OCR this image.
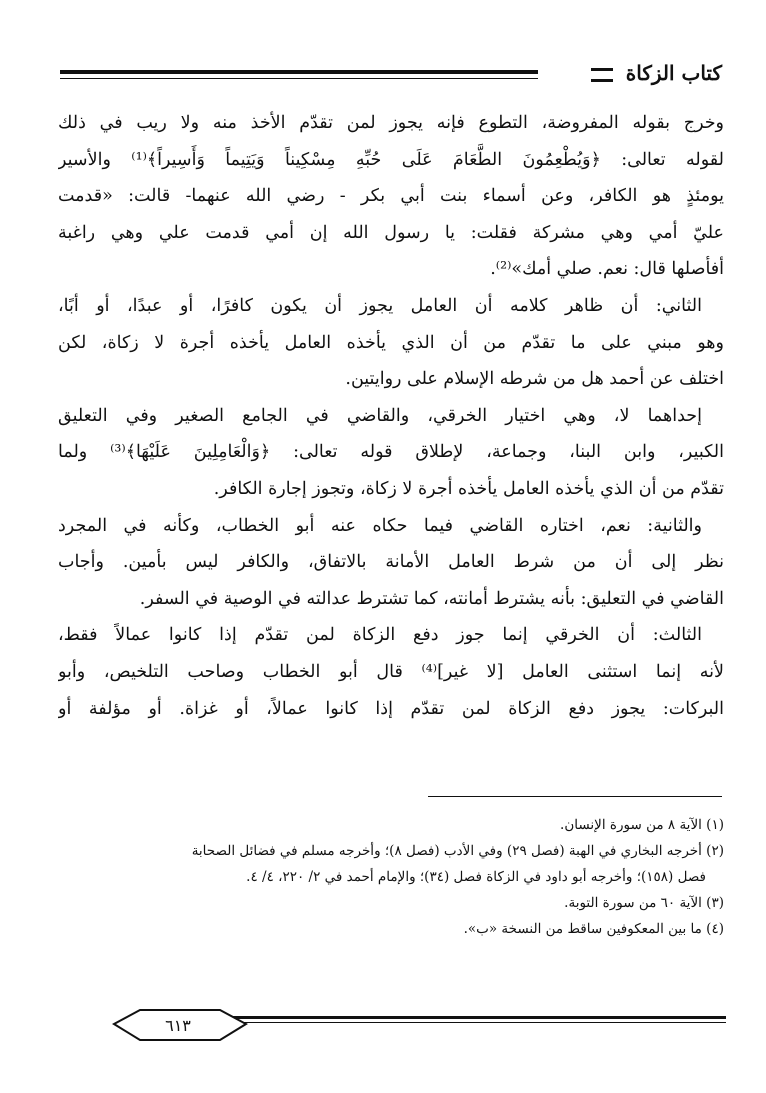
كتاب الزكاة
وخرج بقوله المفروضة، التطوع فإنه يجوز لمن تقدّم الأخذ منه ولا ريب في ذلك
لقوله تعالى: ﴿وَيُطْعِمُونَ الطَّعَامَ عَلَى حُبِّهِ مِسْكِيناً وَيَتِيماً وَأَسِيراً﴾⁽¹⁾ والأسير
يومئذٍ هو الكافر، وعن أسماء بنت أبي بكر - رضي الله عنهما- قالت: «قدمت
عليّ أمي وهي مشركة فقلت: يا رسول الله إن أمي قدمت علي وهي راغبة
أفأصلها قال: نعم. صلي أمك»⁽²⁾.
الثاني: أن ظاهر كلامه أن العامل يجوز أن يكون كافرًا، أو عبدًا، أو أبًا،
وهو مبني على ما تقدّم من أن الذي يأخذه العامل يأخذه أجرة لا زكاة، لكن
اختلف عن أحمد هل من شرطه الإسلام على روايتين.
إحداهما لا، وهي اختيار الخرقي، والقاضي في الجامع الصغير وفي التعليق
الكبير، وابن البنا، وجماعة، لإطلاق قوله تعالى: ﴿وَالْعَامِلِينَ عَلَيْهَا﴾⁽³⁾ ولما
تقدّم من أن الذي يأخذه العامل يأخذه أجرة لا زكاة، وتجوز إجارة الكافر.
والثانية: نعم، اختاره القاضي فيما حكاه عنه أبو الخطاب، وكأنه في المجرد
نظر إلى أن من شرط العامل الأمانة بالاتفاق، والكافر ليس بأمين. وأجاب
القاضي في التعليق: بأنه يشترط أمانته، كما تشترط عدالته في الوصية في السفر.
الثالث: أن الخرقي إنما جوز دفع الزكاة لمن تقدّم إذا كانوا عمالاً فقط،
لأنه إنما استثنى العامل [لا غير]⁽⁴⁾ قال أبو الخطاب وصاحب التلخيص، وأبو
البركات: يجوز دفع الزكاة لمن تقدّم إذا كانوا عمالاً، أو غزاة. أو مؤلفة أو
(١) الآية ٨ من سورة الإنسان.
(٢) أخرجه البخاري في الهبة (فصل ٢٩) وفي الأدب (فصل ٨)؛ وأخرجه مسلم في فضائل الصحابة
فصل (١٥٨)؛ وأخرجه أبو داود في الزكاة فصل (٣٤)؛ والإمام أحمد في ٢/ ٢٢٠، ٤/ ٤.
(٣) الآية ٦٠ من سورة التوبة.
(٤) ما بين المعكوفين ساقط من النسخة «ب».
٦١٣
